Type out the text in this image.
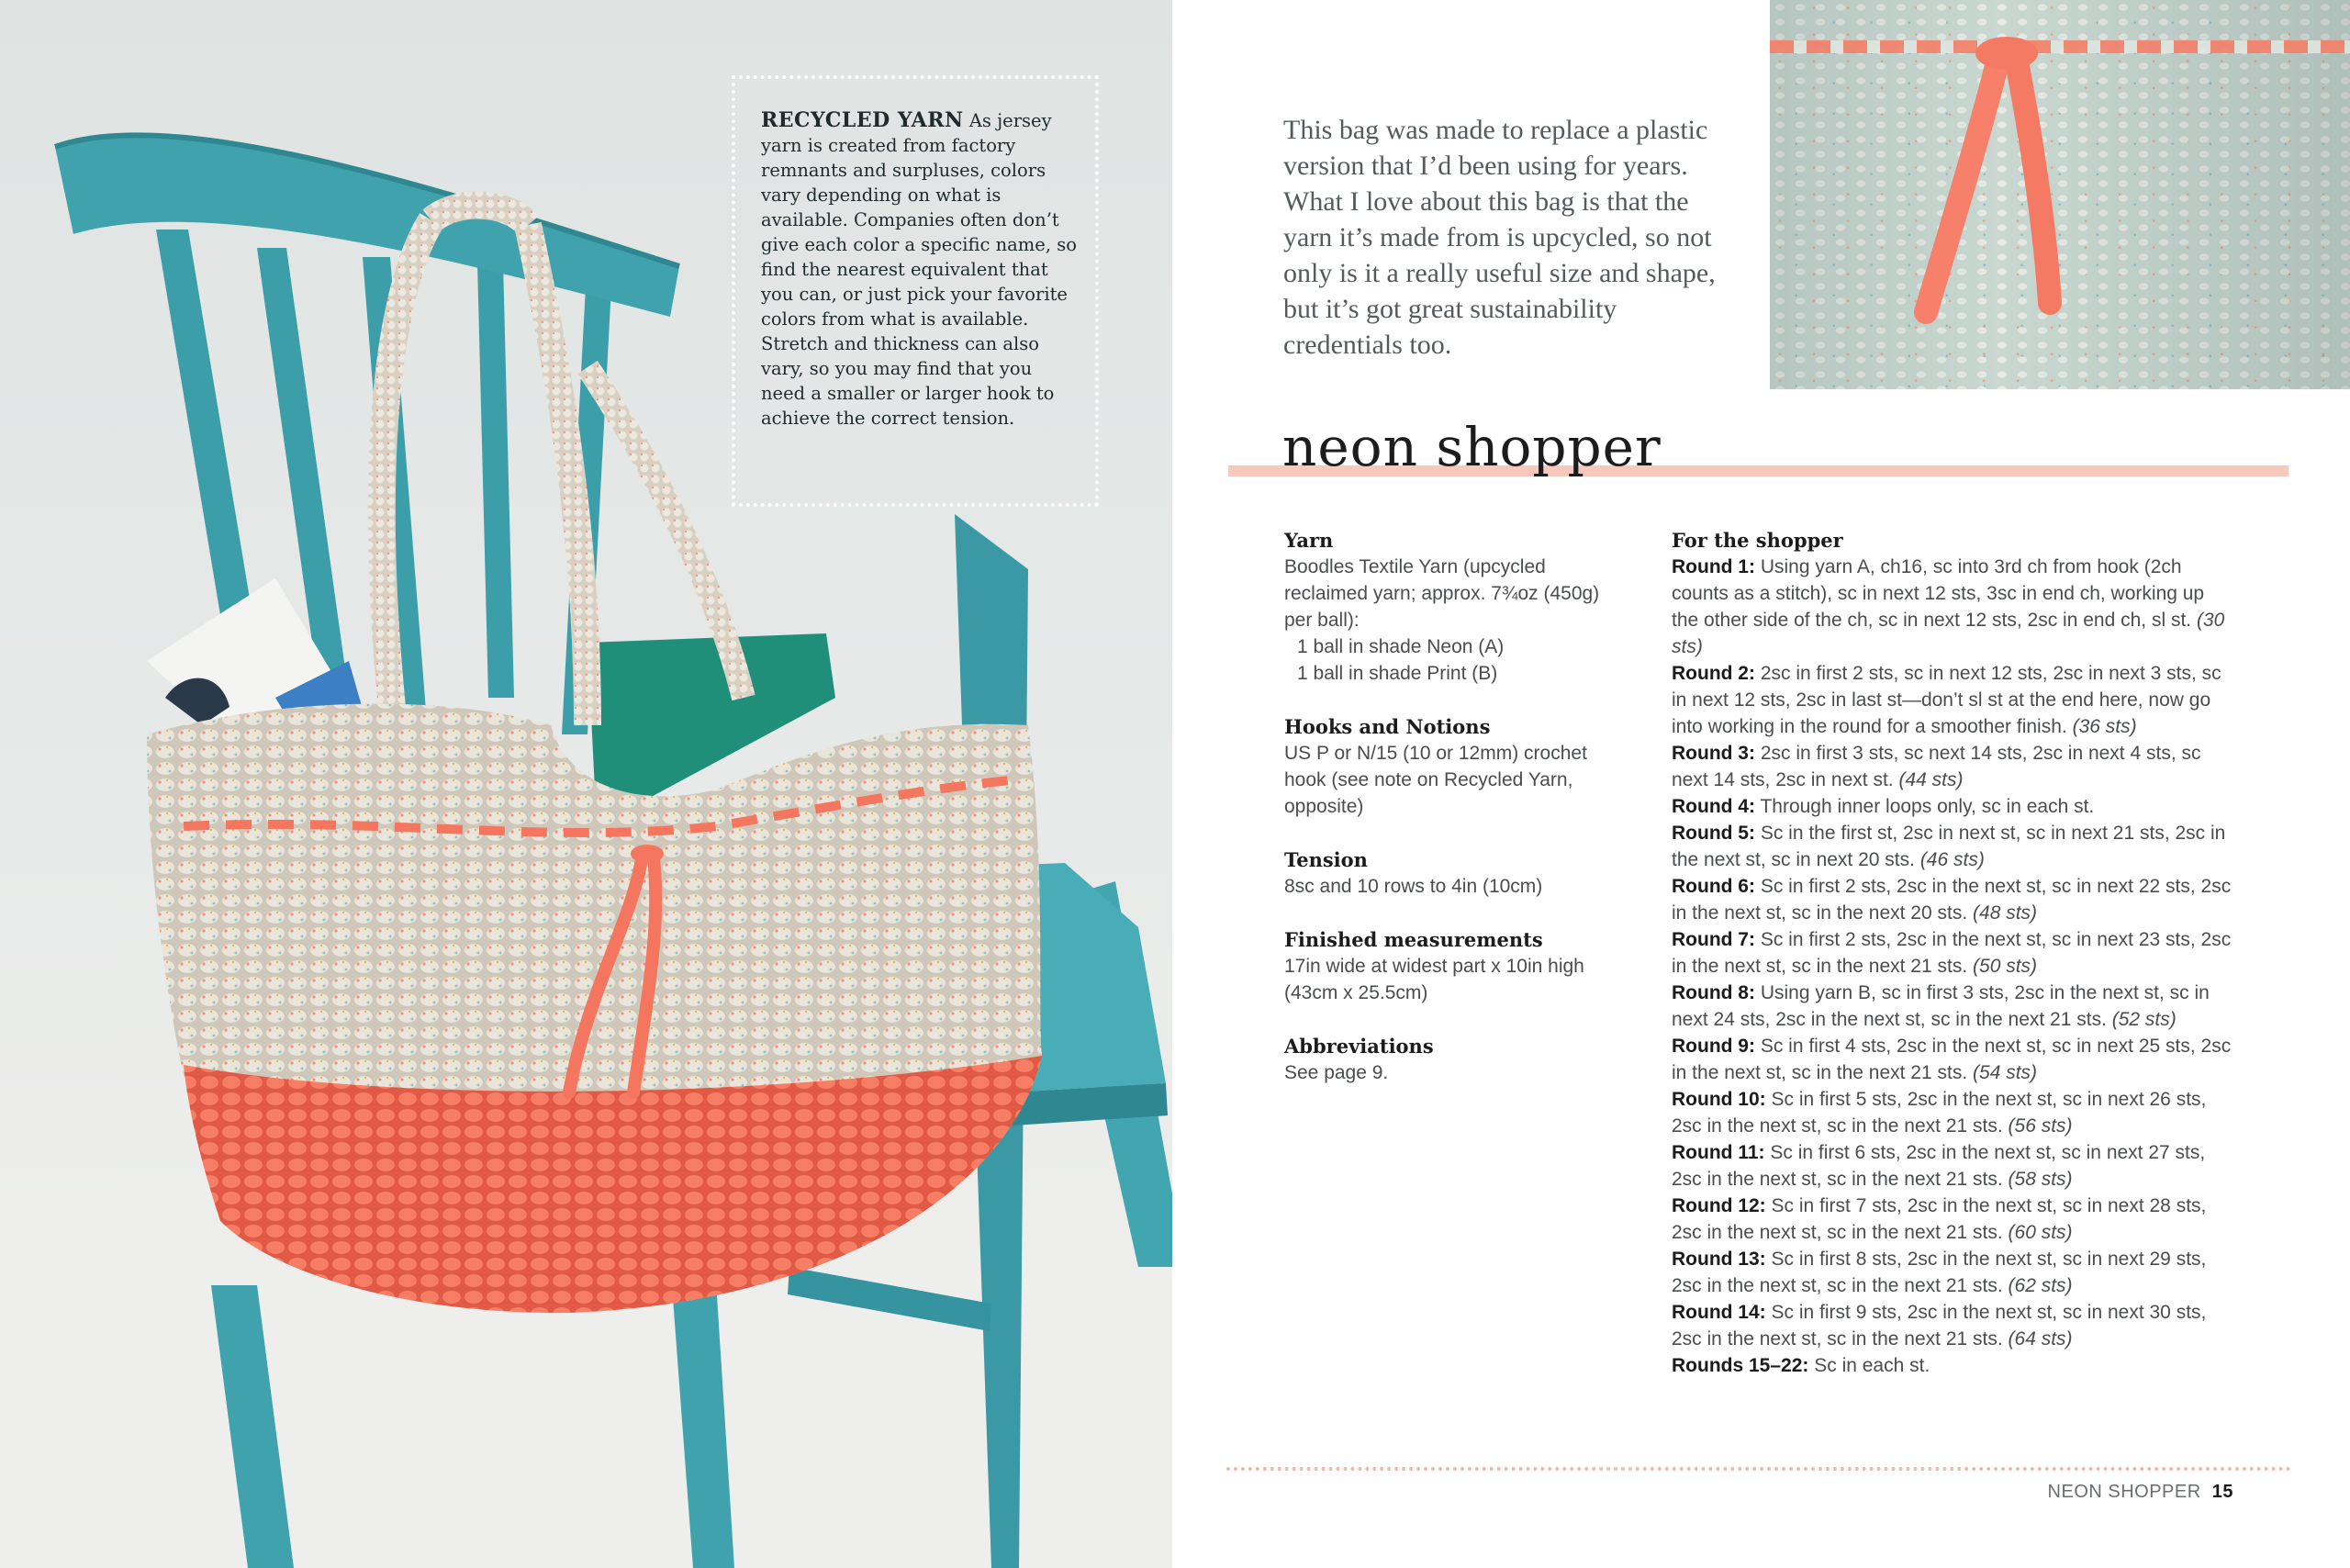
RECYCLED YARN As jersey yarn is created from factory remnants and surpluses, colors vary depending on what is available. Companies often don’t give each color a specific name, so find the nearest equivalent that you can, or just pick your favorite colors from what is available. Stretch and thickness can also vary, so you may find that you need a smaller or larger hook to achieve the correct tension.
This bag was made to replace a plastic version that I’d been using for years. What I love about this bag is that the yarn it’s made from is upcycled, so not only is it a really useful size and shape, but it’s got great sustainability credentials too.
neon shopper
Yarn

Boodles Textile Yarn (upcycled reclaimed yarn; approx. 7¾oz (450g) per ball):

1 ball in shade Neon (A)

1 ball in shade Print (B)

Hooks and Notions

US P or N/15 (10 or 12mm) crochet hook (see note on Recycled Yarn, opposite)

Tension

8sc and 10 rows to 4in (10cm)

Finished measurements

17in wide at widest part x 10in high (43cm x 25.5cm)

Abbreviations

See page 9.

For the shopper

Round 1: Using yarn A, ch16, sc into 3rd ch from hook (2ch counts as a stitch), sc in next 12 sts, 3sc in end ch, working up the other side of the ch, sc in next 12 sts, 2sc in end ch, sl st. (30 sts)

Round 2: 2sc in first 2 sts, sc in next 12 sts, 2sc in next 3 sts, sc in next 12 sts, 2sc in last st—don’t sl st at the end here, now go into working in the round for a smoother finish. (36 sts)

Round 3: 2sc in first 3 sts, sc next 14 sts, 2sc in next 4 sts, sc next 14 sts, 2sc in next st. (44 sts)

Round 4: Through inner loops only, sc in each st.

Round 5: Sc in the first st, 2sc in next st, sc in next 21 sts, 2sc in the next st, sc in next 20 sts. (46 sts)

Round 6: Sc in first 2 sts, 2sc in the next st, sc in next 22 sts, 2sc in the next st, sc in the next 20 sts. (48 sts)

Round 7: Sc in first 2 sts, 2sc in the next st, sc in next 23 sts, 2sc in the next st, sc in the next 21 sts. (50 sts)

Round 8: Using yarn B, sc in first 3 sts, 2sc in the next st, sc in next 24 sts, 2sc in the next st, sc in the next 21 sts. (52 sts)

Round 9: Sc in first 4 sts, 2sc in the next st, sc in next 25 sts, 2sc in the next st, sc in the next 21 sts. (54 sts)

Round 10: Sc in first 5 sts, 2sc in the next st, sc in next 26 sts, 2sc in the next st, sc in the next 21 sts. (56 sts)

Round 11: Sc in first 6 sts, 2sc in the next st, sc in next 27 sts, 2sc in the next st, sc in the next 21 sts. (58 sts)

Round 12: Sc in first 7 sts, 2sc in the next st, sc in next 28 sts, 2sc in the next st, sc in the next 21 sts. (60 sts)

Round 13: Sc in first 8 sts, 2sc in the next st, sc in next 29 sts, 2sc in the next st, sc in the next 21 sts. (62 sts)

Round 14: Sc in first 9 sts, 2sc in the next st, sc in next 30 sts, 2sc in the next st, sc in the next 21 sts. (64 sts)

Rounds 15–22: Sc in each st.

NEON SHOPPER 15
